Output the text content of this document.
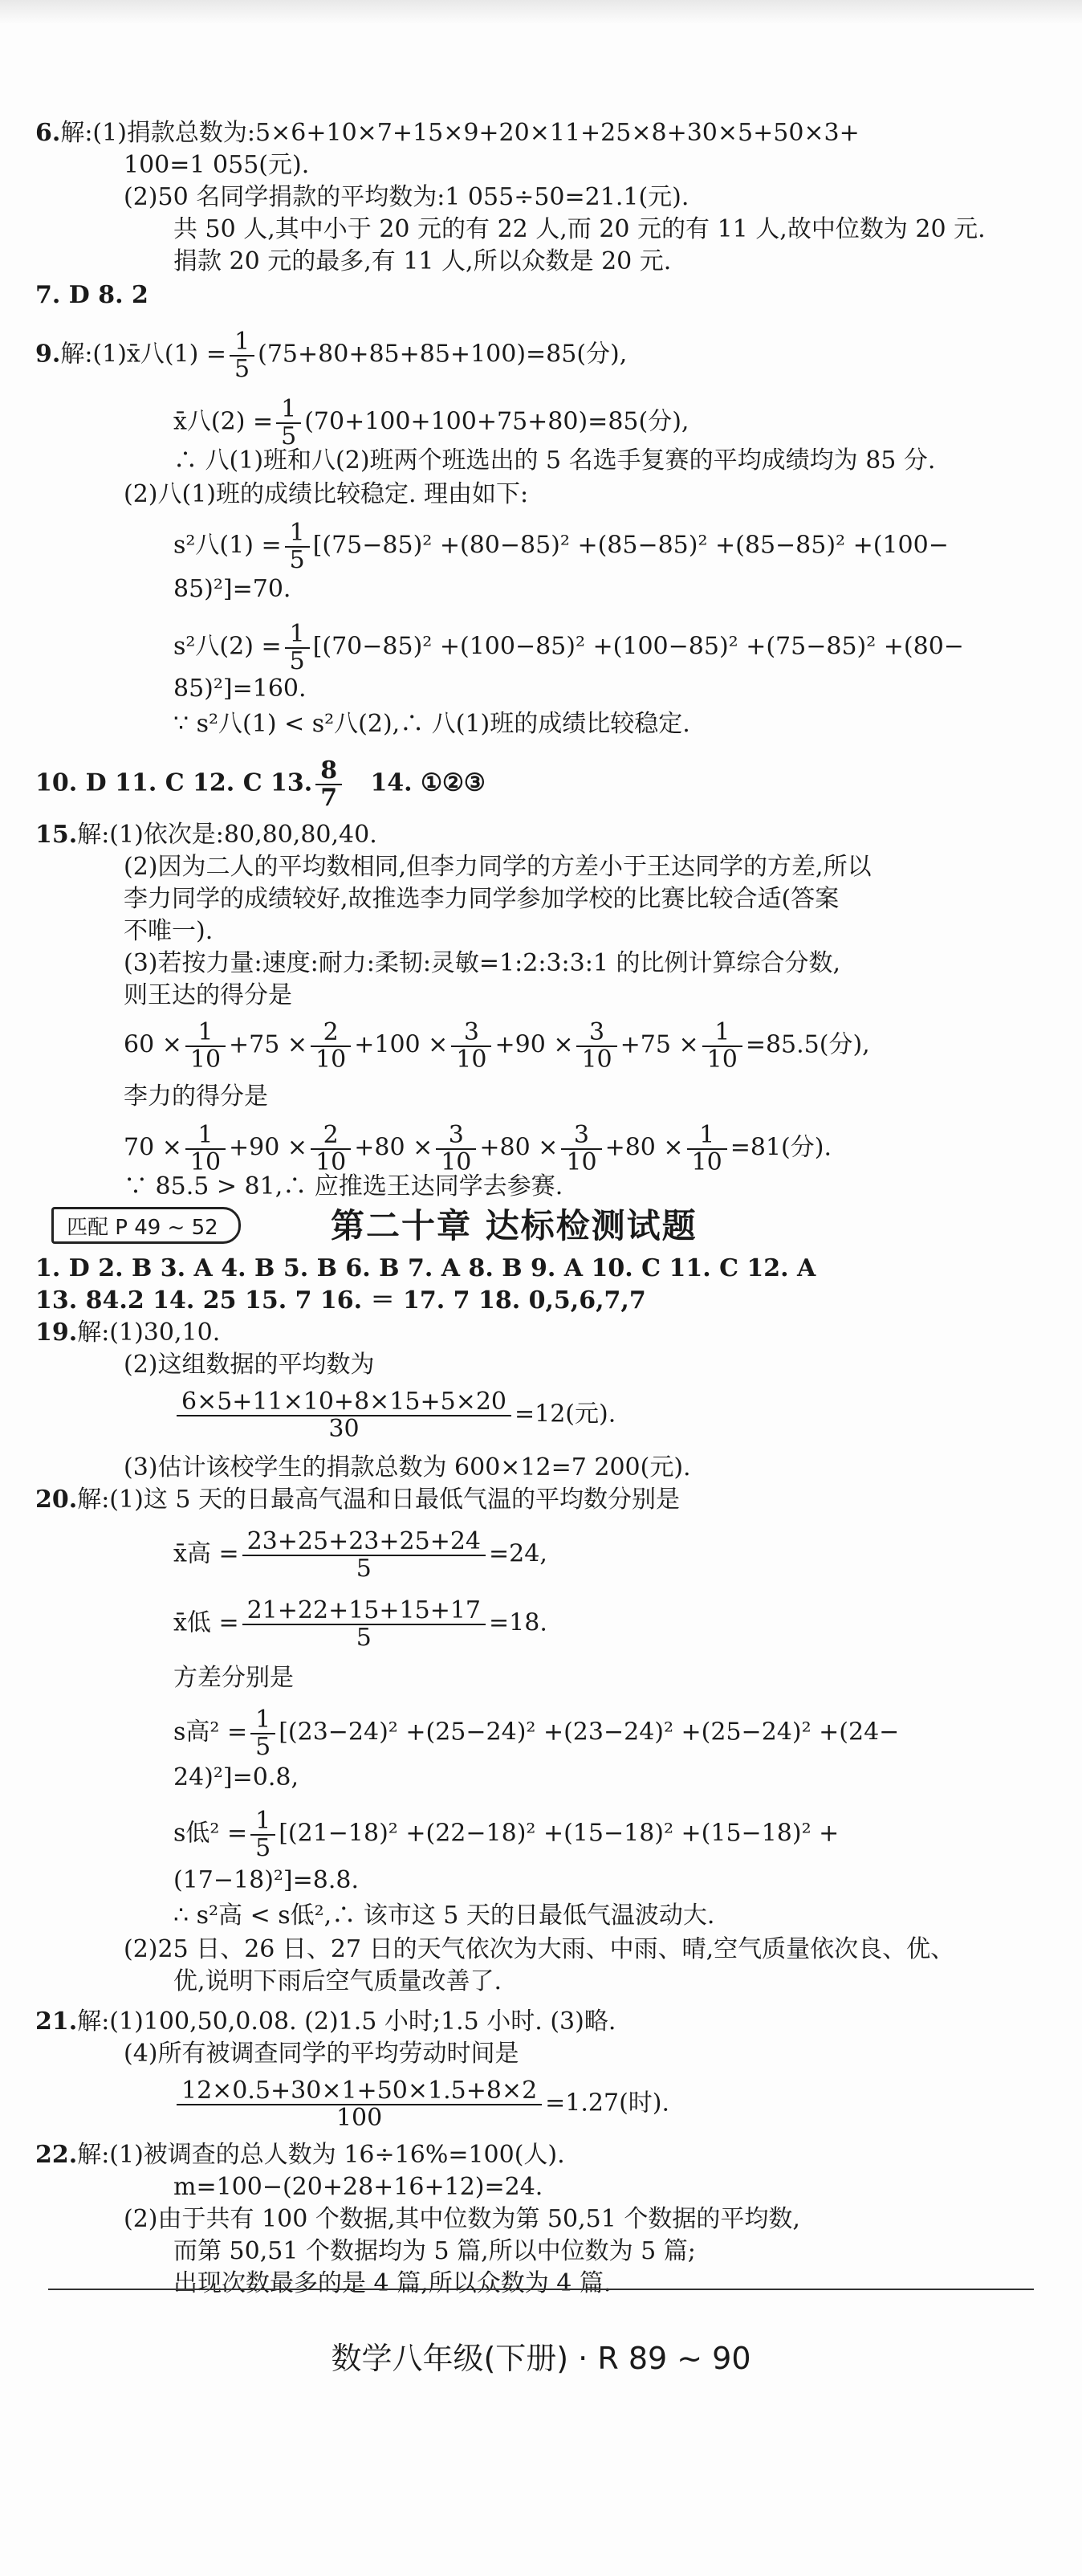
6.解:(1)捐款总数为:5×6+10×7+15×9+20×11+25×8+30×5+50×3+
100=1 055(元).
(2)50 名同学捐款的平均数为:1 055÷50=21.1(元).
共 50 人,其中小于 20 元的有 22 人,而 20 元的有 11 人,故中位数为 20 元.
捐款 20 元的最多,有 11 人,所以众数是 20 元.
7. D 8. 2
9.解:(1)x̄八$(1) = \frac{1}{5} (75+80+85+85+100)=85$(分),
x̄八$(2) = \frac{1}{5} (70+100+100+75+80)=85$(分),
∴ 八(1)班和八(2)班两个班选出的 5 名选手复赛的平均成绩均为 85 分.
(2)八(1)班的成绩比较稳定. 理由如下:
s²八$(1) = \frac{1}{5} [(75-85)^2 +(80-85)^2 +(85-85)^2 +(85-85)^2 +(100-$
85)²]=70.
s²八$(2) = \frac{1}{5} [(70-85)^2 +(100-85)^2 +(100-85)^2 +(75-85)^2 +(80-$
85)²]=160.
∵ s²八(1) < s²八(2),∴ 八(1)班的成绩比较稳定.
10. D 11. C 12. C 13. $\frac{8}{7} 14$. ①②③
15.解:(1)依次是:80,80,80,40.
(2)因为二人的平均数相同,但李力同学的方差小于王达同学的方差,所以
李力同学的成绩较好,故推选李力同学参加学校的比赛比较合适(答案
不唯一).
(3)若按力量:速度:耐力:柔韧:灵敏=1:2:3:3:1 的比例计算综合分数,
则王达的得分是
$60 \times \frac{1}{10} +75 \times \frac{2}{10} +100 \times \frac{3}{10} +90 \times \frac{3}{10} +75 \times \frac{1}{10} =85.5$(分),
李力的得分是
$70 \times \frac{1}{10} +90 \times \frac{2}{10} +80 \times \frac{3}{10} +80 \times \frac{3}{10} +80 \times \frac{1}{10} =81$(分).
∵ 85.5 > 81,∴ 应推选王达同学去参赛.
匹配 P 49 ~ 52	第二十章 达标检测试题
1. D 2. B 3. A 4. B 5. B 6. B 7. A 8. B 9. A 10. C 11. C 12. A
13. 84.2 14. 25 15. 7 16. ＝ 17. 7 18. 0,5,6,7,7
19.解:(1)30,10.
(2)这组数据的平均数为
$\frac{6\times 5+11\times 10+8\times 15+5\times 20}{30} =12$(元).
(3)估计该校学生的捐款总数为 600×12=7 200(元).
20.解:(1)这 5 天的日最高气温和日最低气温的平均数分别是
x̄高 = $\frac{23+25+23+25+24}{5} =24$,
x̄低 = $\frac{21+22+15+15+17}{5} =18$.
方差分别是
s高$^2 = \frac{1}{5} [(23-24)^2 +(25-24)^2 +(23-24)^2 +(25-24)^2 +(24-$
24)²]=0.8,
s低$^2 = \frac{1}{5} [(21-18)^2 +(22-18)^2 +(15-18)^2 +(15-18)^2$ +
(17−18)²]=8.8.
∴ s²高 < s低²,∴ 该市这 5 天的日最低气温波动大.
(2)25 日、26 日、27 日的天气依次为大雨、中雨、晴,空气质量依次良、优、
优,说明下雨后空气质量改善了.
21.解:(1)100,50,0.08. (2)1.5 小时;1.5 小时. (3)略.
(4)所有被调查同学的平均劳动时间是
$\frac{12\times 0.5+30\times 1+50\times 1.5+8\times 2}{100} =1.27$(时).
22.解:(1)被调查的总人数为 16÷16%=100(人).
m=100−(20+28+16+12)=24.
(2)由于共有 100 个数据,其中位数为第 50,51 个数据的平均数,
而第 50,51 个数据均为 5 篇,所以中位数为 5 篇;
出现次数最多的是 4 篇,所以众数为 4 篇.
数学八年级(下册) · R 89 ~ 90
